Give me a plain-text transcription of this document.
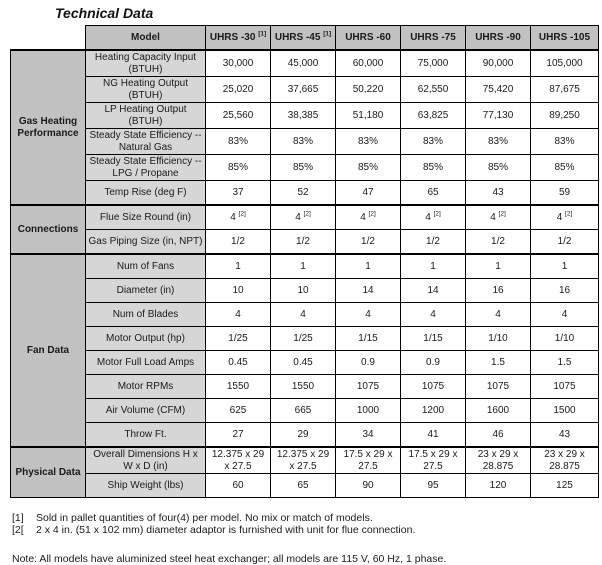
Technical Data
	Model	UHRS -30 [1]	UHRS -45 [1]	UHRS -60	UHRS -75	UHRS -90	UHRS -105
Gas Heating Performance	Heating Capacity Input (BTUH)	30,000	45,000	60,000	75,000	90,000	105,000
	NG Heating Output (BTUH)	25,020	37,665	50,220	62,550	75,420	87,675
	LP Heating Output (BTUH)	25,560	38,385	51,180	63,825	77,130	89,250
	Steady State Efficiency -- Natural Gas	83%	83%	83%	83%	83%	83%
	Steady State Efficiency -- LPG / Propane	85%	85%	85%	85%	85%	85%
	Temp Rise (deg F)	37	52	47	65	43	59
Connections	Flue Size Round (in)	4 [2]	4 [2]	4 [2]	4 [2]	4 [2]	4 [2]
	Gas Piping Size (in, NPT)	1/2	1/2	1/2	1/2	1/2	1/2
Fan Data	Num of Fans	1	1	1	1	1	1
	Diameter (in)	10	10	14	14	16	16
	Num of Blades	4	4	4	4	4	4
	Motor Output (hp)	1/25	1/25	1/15	1/15	1/10	1/10
	Motor Full Load Amps	0.45	0.45	0.9	0.9	1.5	1.5
	Motor RPMs	1550	1550	1075	1075	1075	1075
	Air Volume (CFM)	625	665	1000	1200	1600	1500
	Throw Ft.	27	29	34	41	46	43
Physical Data	Overall Dimensions H x W x D (in)	12.375 x 29 x 27.5	12.375 x 29 x 27.5	17.5 x 29 x 27.5	17.5 x 29 x 27.5	23 x 29 x 28.875	23 x 29 x 28.875
	Ship Weight (lbs)	60	65	90	95	120	125
[1]	Sold in pallet quantities of four(4) per model. No mix or match of models.
[2[	2 x 4 in. (51 x 102 mm) diameter adaptor is furnished with unit for flue connection.
Note: All models have aluminized steel heat exchanger; all models are 115 V, 60 Hz, 1 phase.
